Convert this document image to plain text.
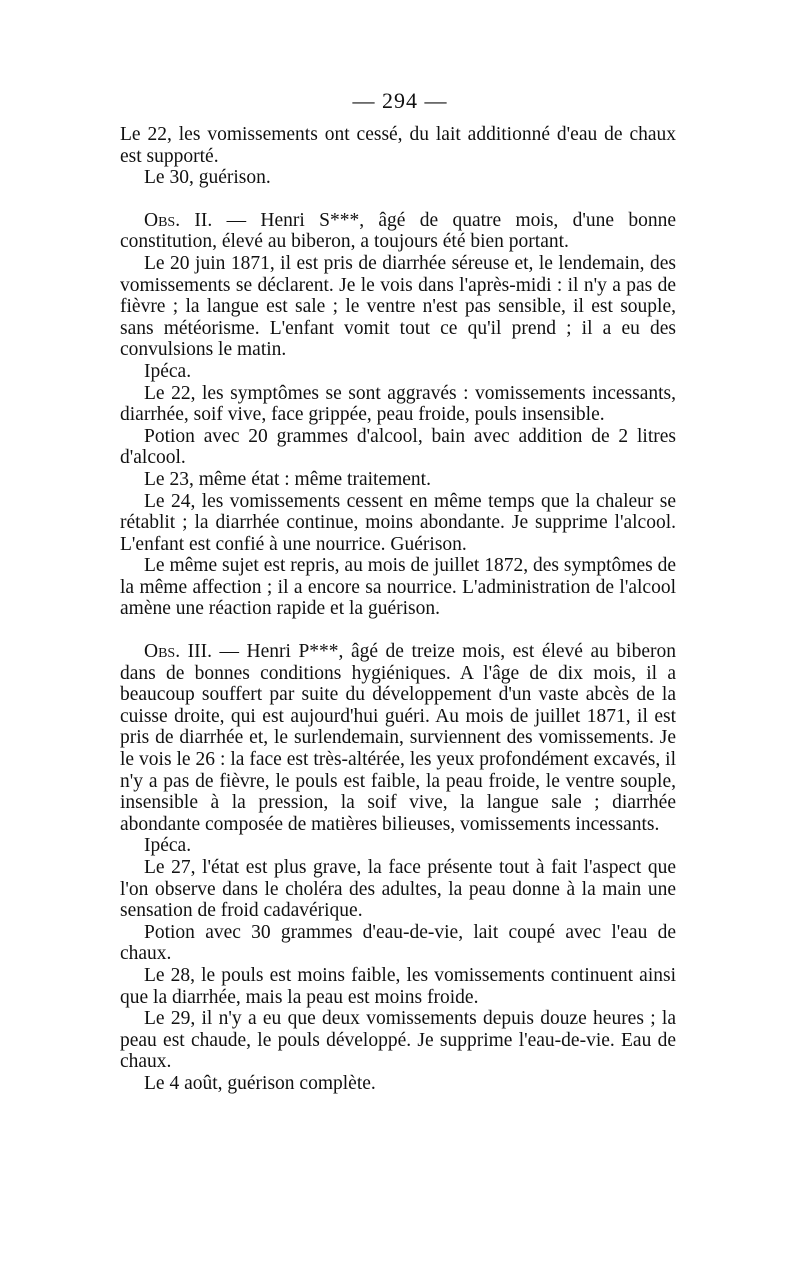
— 294 —

Le 22, les vomissements ont cessé, du lait additionné d'eau de chaux est supporté.

Le 30, guérison.

Obs. II. — Henri S***, âgé de quatre mois, d'une bonne constitution, élevé au biberon, a toujours été bien portant.

Le 20 juin 1871, il est pris de diarrhée séreuse et, le lendemain, des vomissements se déclarent. Je le vois dans l'après-midi : il n'y a pas de fièvre ; la langue est sale ; le ventre n'est pas sensible, il est souple, sans météorisme. L'enfant vomit tout ce qu'il prend ; il a eu des convulsions le matin.

Ipéca.

Le 22, les symptômes se sont aggravés : vomissements incessants, diarrhée, soif vive, face grippée, peau froide, pouls insensible.

Potion avec 20 grammes d'alcool, bain avec addition de 2 litres d'alcool.

Le 23, même état : même traitement.

Le 24, les vomissements cessent en même temps que la chaleur se rétablit ; la diarrhée continue, moins abondante. Je supprime l'alcool. L'enfant est confié à une nourrice. Guérison.

Le même sujet est repris, au mois de juillet 1872, des symptômes de la même affection ; il a encore sa nourrice. L'administration de l'alcool amène une réaction rapide et la guérison.

Obs. III. — Henri P***, âgé de treize mois, est élevé au biberon dans de bonnes conditions hygiéniques. A l'âge de dix mois, il a beaucoup souffert par suite du développement d'un vaste abcès de la cuisse droite, qui est aujourd'hui guéri. Au mois de juillet 1871, il est pris de diarrhée et, le surlendemain, surviennent des vomissements. Je le vois le 26 : la face est très-altérée, les yeux profondément excavés, il n'y a pas de fièvre, le pouls est faible, la peau froide, le ventre souple, insensible à la pression, la soif vive, la langue sale ; diarrhée abondante composée de matières bilieuses, vomissements incessants.

Ipéca.

Le 27, l'état est plus grave, la face présente tout à fait l'aspect que l'on observe dans le choléra des adultes, la peau donne à la main une sensation de froid cadavérique.

Potion avec 30 grammes d'eau-de-vie, lait coupé avec l'eau de chaux.

Le 28, le pouls est moins faible, les vomissements continuent ainsi que la diarrhée, mais la peau est moins froide.

Le 29, il n'y a eu que deux vomissements depuis douze heures ; la peau est chaude, le pouls développé. Je supprime l'eau-de-vie. Eau de chaux.

Le 4 août, guérison complète.
